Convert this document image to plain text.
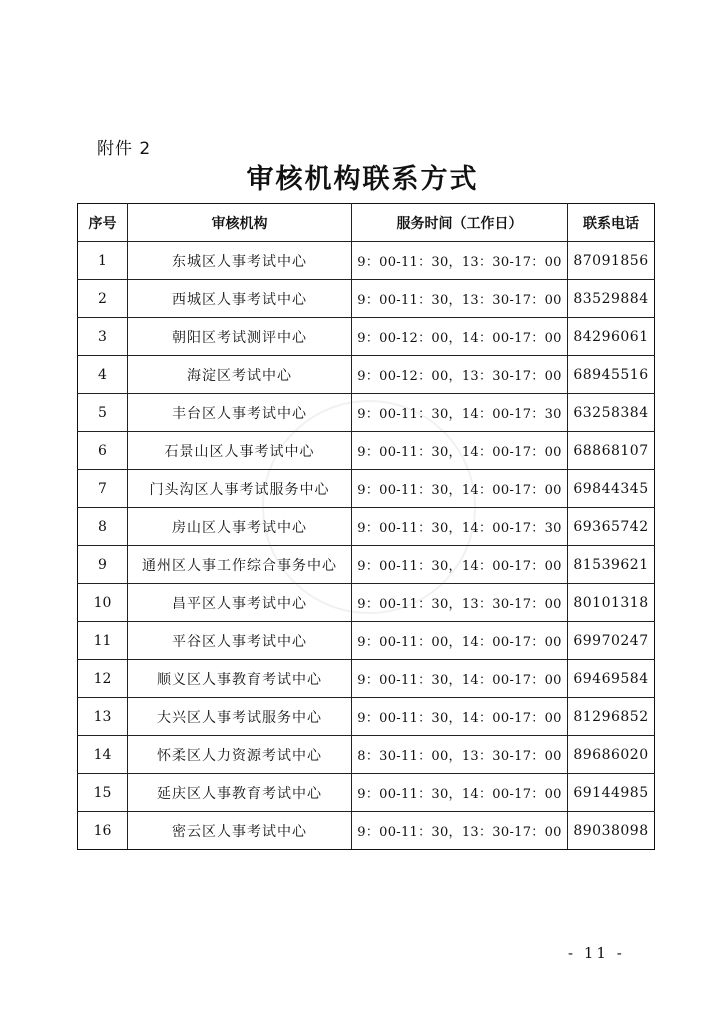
附件 2
审核机构联系方式
序号	审核机构	服务时间（工作日）	联系电话
1	东城区人事考试中心	9：00-11：30，13：30-17：00	87091856
2	西城区人事考试中心	9：00-11：30，13：30-17：00	83529884
3	朝阳区考试测评中心	9：00-12：00，14：00-17：00	84296061
4	海淀区考试中心	9：00-12：00，13：30-17：00	68945516
5	丰台区人事考试中心	9：00-11：30，14：00-17：30	63258384
6	石景山区人事考试中心	9：00-11：30，14：00-17：00	68868107
7	门头沟区人事考试服务中心	9：00-11：30，14：00-17：00	69844345
8	房山区人事考试中心	9：00-11：30，14：00-17：30	69365742
9	通州区人事工作综合事务中心	9：00-11：30，14：00-17：00	81539621
10	昌平区人事考试中心	9：00-11：30，13：30-17：00	80101318
11	平谷区人事考试中心	9：00-11：00，14：00-17：00	69970247
12	顺义区人事教育考试中心	9：00-11：30，14：00-17：00	69469584
13	大兴区人事考试服务中心	9：00-11：30，14：00-17：00	81296852
14	怀柔区人力资源考试中心	8：30-11：00，13：30-17：00	89686020
15	延庆区人事教育考试中心	9：00-11：30，14：00-17：00	69144985
16	密云区人事考试中心	9：00-11：30，13：30-17：00	89038098
- 11 -
